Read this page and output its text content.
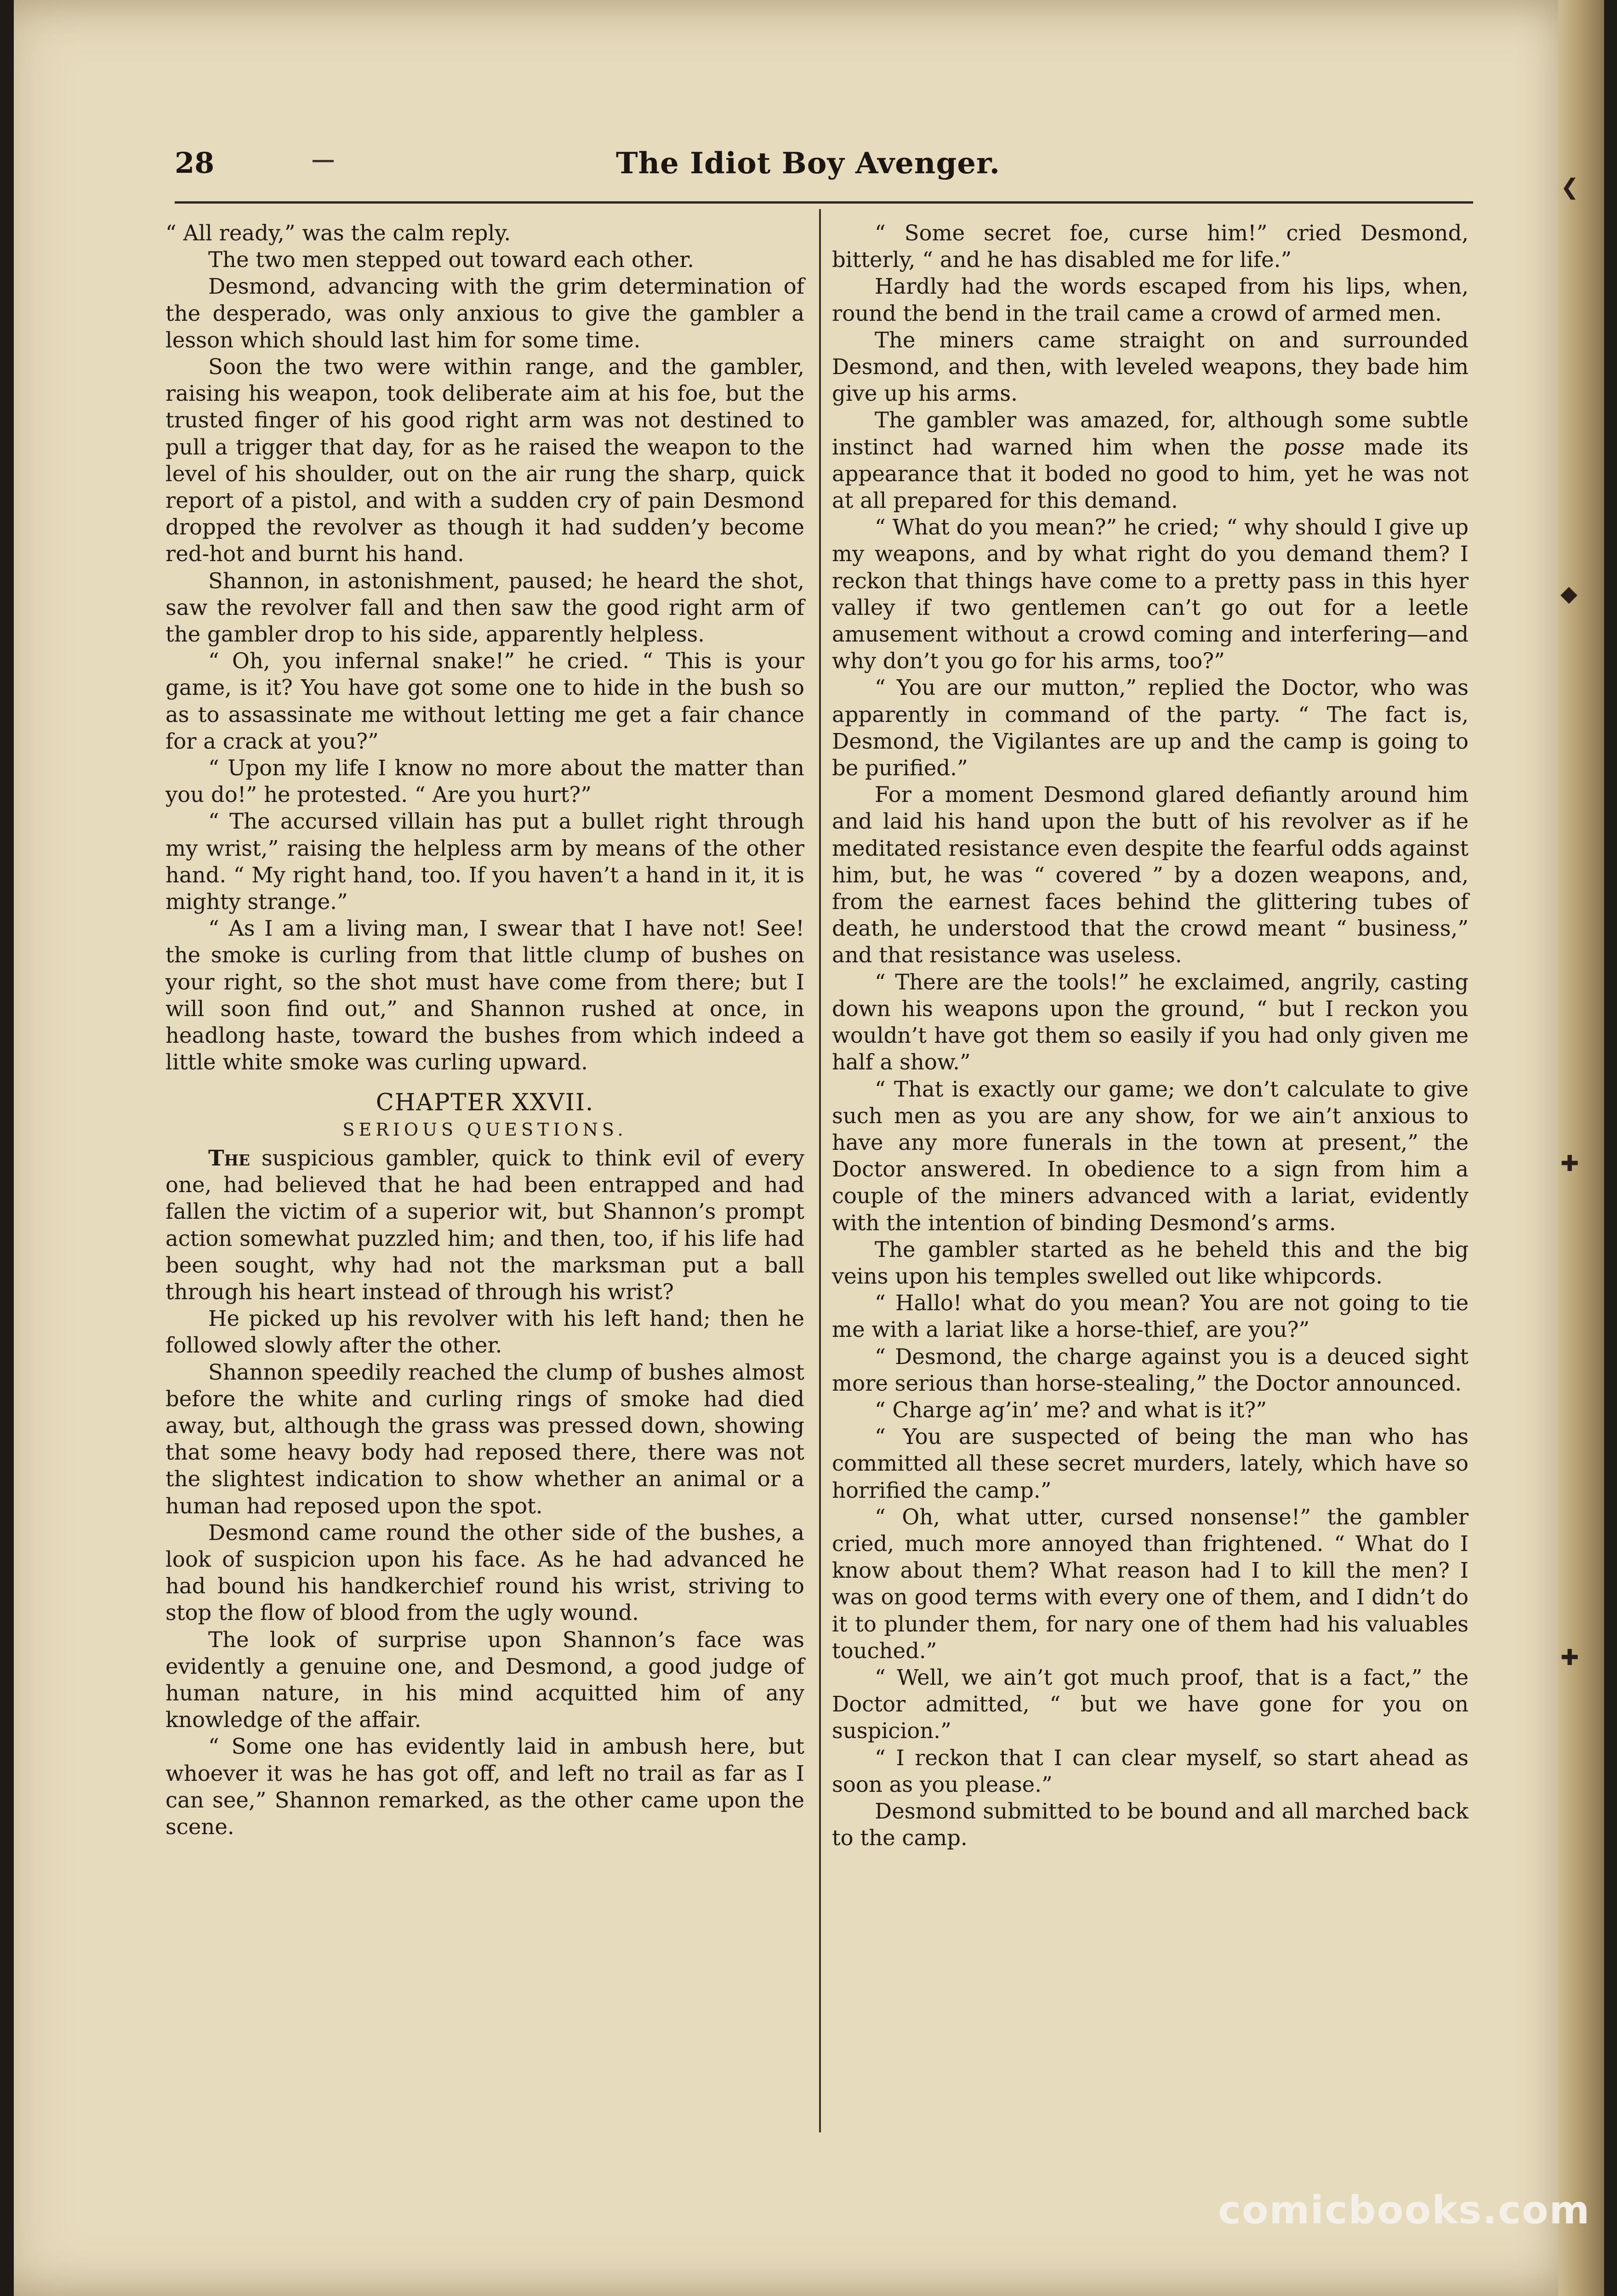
❮
◆
✚
✚
28	The Idiot Boy Avenger.

“ All ready,” was the calm reply.

The two men stepped out toward each other.

Desmond, advancing with the grim determination of the desperado, was only anxious to give the gambler a lesson which should last him for some time.

Soon the two were within range, and the gambler, raising his weapon, took deliberate aim at his foe, but the trusted finger of his good right arm was not destined to pull a trigger that day, for as he raised the weapon to the level of his shoulder, out on the air rung the sharp, quick report of a pistol, and with a sudden cry of pain Desmond dropped the revolver as though it had sudden’y become red-hot and burnt his hand.

Shannon, in astonishment, paused; he heard the shot, saw the revolver fall and then saw the good right arm of the gambler drop to his side, apparently helpless.

“ Oh, you infernal snake!” he cried. “ This is your game, is it? You have got some one to hide in the bush so as to assassinate me without letting me get a fair chance for a crack at you?”

“ Upon my life I know no more about the matter than you do!” he protested. “ Are you hurt?”

“ The accursed villain has put a bullet right through my wrist,” raising the helpless arm by means of the other hand. “ My right hand, too. If you haven’t a hand in it, it is mighty strange.”

“ As I am a living man, I swear that I have not! See! the smoke is curling from that little clump of bushes on your right, so the shot must have come from there; but I will soon find out,” and Shannon rushed at once, in headlong haste, toward the bushes from which indeed a little white smoke was curling upward.

CHAPTER XXVII.
SERIOUS QUESTIONS.

The suspicious gambler, quick to think evil of every one, had believed that he had been entrapped and had fallen the victim of a superior wit, but Shannon’s prompt action somewhat puzzled him; and then, too, if his life had been sought, why had not the marksman put a ball through his heart instead of through his wrist?

He picked up his revolver with his left hand; then he followed slowly after the other.

Shannon speedily reached the clump of bushes almost before the white and curling rings of smoke had died away, but, although the grass was pressed down, showing that some heavy body had reposed there, there was not the slightest indication to show whether an animal or a human had reposed upon the spot.

Desmond came round the other side of the bushes, a look of suspicion upon his face. As he had advanced he had bound his handkerchief round his wrist, striving to stop the flow of blood from the ugly wound.

The look of surprise upon Shannon’s face was evidently a genuine one, and Desmond, a good judge of human nature, in his mind acquitted him of any knowledge of the affair.

“ Some one has evidently laid in ambush here, but whoever it was he has got off, and left no trail as far as I can see,” Shannon remarked, as the other came upon the scene.

“ Some secret foe, curse him!” cried Desmond, bitterly, “ and he has disabled me for life.”

Hardly had the words escaped from his lips, when, round the bend in the trail came a crowd of armed men.

The miners came straight on and surrounded Desmond, and then, with leveled weapons, they bade him give up his arms.

The gambler was amazed, for, although some subtle instinct had warned him when the posse made its appearance that it boded no good to him, yet he was not at all prepared for this demand.

“ What do you mean?” he cried; “ why should I give up my weapons, and by what right do you demand them? I reckon that things have come to a pretty pass in this hyer valley if two gentlemen can’t go out for a leetle amusement without a crowd coming and interfering—and why don’t you go for his arms, too?”

“ You are our mutton,” replied the Doctor, who was apparently in command of the party. “ The fact is, Desmond, the Vigilantes are up and the camp is going to be purified.”

For a moment Desmond glared defiantly around him and laid his hand upon the butt of his revolver as if he meditated resistance even despite the fearful odds against him, but, he was “ covered ” by a dozen weapons, and, from the earnest faces behind the glittering tubes of death, he understood that the crowd meant “ business,” and that resistance was useless.

“ There are the tools!” he exclaimed, angrily, casting down his weapons upon the ground, “ but I reckon you wouldn’t have got them so easily if you had only given me half a show.”

“ That is exactly our game; we don’t calculate to give such men as you are any show, for we ain’t anxious to have any more funerals in the town at present,” the Doctor answered. In obedience to a sign from him a couple of the miners advanced with a lariat, evidently with the intention of binding Desmond’s arms.

The gambler started as he beheld this and the big veins upon his temples swelled out like whipcords.

“ Hallo! what do you mean? You are not going to tie me with a lariat like a horse-thief, are you?”

“ Desmond, the charge against you is a deuced sight more serious than horse-stealing,” the Doctor announced.

“ Charge ag’in’ me? and what is it?”

“ You are suspected of being the man who has committed all these secret murders, lately, which have so horrified the camp.”

“ Oh, what utter, cursed nonsense!” the gambler cried, much more annoyed than frightened. “ What do I know about them? What reason had I to kill the men? I was on good terms with every one of them, and I didn’t do it to plunder them, for nary one of them had his valuables touched.”

“ Well, we ain’t got much proof, that is a fact,” the Doctor admitted, “ but we have gone for you on suspicion.”

“ I reckon that I can clear myself, so start ahead as soon as you please.”

Desmond submitted to be bound and all marched back to the camp.

comicbooks.com
